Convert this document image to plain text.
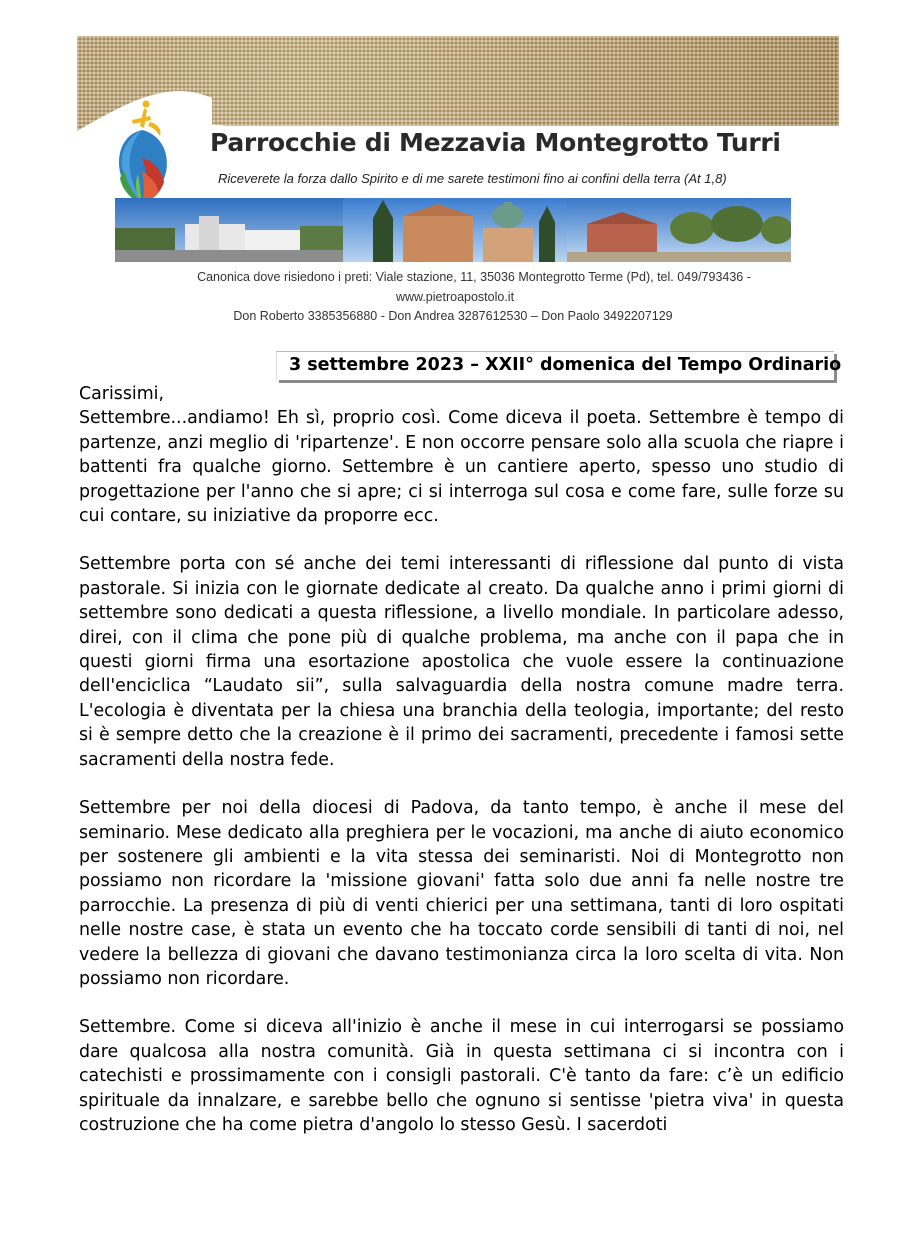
Parrocchie di Mezzavia Montegrotto Turri
Riceverete la forza dallo Spirito e di me sarete testimoni fino ai confini della terra (At 1,8)
Canonica dove risiedono i preti: Viale stazione, 11, 35036 Montegrotto Terme (Pd), tel. 049/793436 -
www.pietroapostolo.it
Don Roberto 3385356880 - Don Andrea 3287612530 – Don Paolo 3492207129
3 settembre 2023 – XXII° domenica del Tempo Ordinario

Carissimi,

Settembre...andiamo! Eh sì, proprio così. Come diceva il poeta. Settembre è tempo di partenze, anzi meglio di 'ripartenze'. E non occorre pensare solo alla scuola che riapre i battenti fra qualche giorno. Settembre è un cantiere aperto, spesso uno studio di progettazione per l'anno che si apre; ci si interroga sul cosa e come fare, sulle forze su cui contare, su iniziative da proporre ecc.

Settembre porta con sé anche dei temi interessanti di riflessione dal punto di vista pastorale. Si inizia con le giornate dedicate al creato. Da qualche anno i primi giorni di settembre sono dedicati a questa riflessione, a livello mondiale. In particolare adesso, direi, con il clima che pone più di qualche problema, ma anche con il papa che in questi giorni firma una esortazione apostolica che vuole essere la continuazione dell'enciclica “Laudato sii”, sulla salvaguardia della nostra comune madre terra. L'ecologia è diventata per la chiesa una branchia della teologia, importante; del resto si è sempre detto che la creazione è il primo dei sacramenti, precedente i famosi sette sacramenti della nostra fede.

Settembre per noi della diocesi di Padova, da tanto tempo, è anche il mese del seminario. Mese dedicato alla preghiera per le vocazioni, ma anche di aiuto economico per sostenere gli ambienti e la vita stessa dei seminaristi. Noi di Montegrotto non possiamo non ricordare la 'missione giovani' fatta solo due anni fa nelle nostre tre parrocchie. La presenza di più di venti chierici per una settimana, tanti di loro ospitati nelle nostre case, è stata un evento che ha toccato corde sensibili di tanti di noi, nel vedere la bellezza di giovani che davano testimonianza circa la loro scelta di vita. Non possiamo non ricordare.

Settembre. Come si diceva all'inizio è anche il mese in cui interrogarsi se possiamo dare qualcosa alla nostra comunità. Già in questa settimana ci si incontra con i catechisti e prossimamente con i consigli pastorali. C'è tanto da fare: c’è un edificio spirituale da innalzare, e sarebbe bello che ognuno si sentisse 'pietra viva' in questa costruzione che ha come pietra d'angolo lo stesso Gesù. I sacerdoti
